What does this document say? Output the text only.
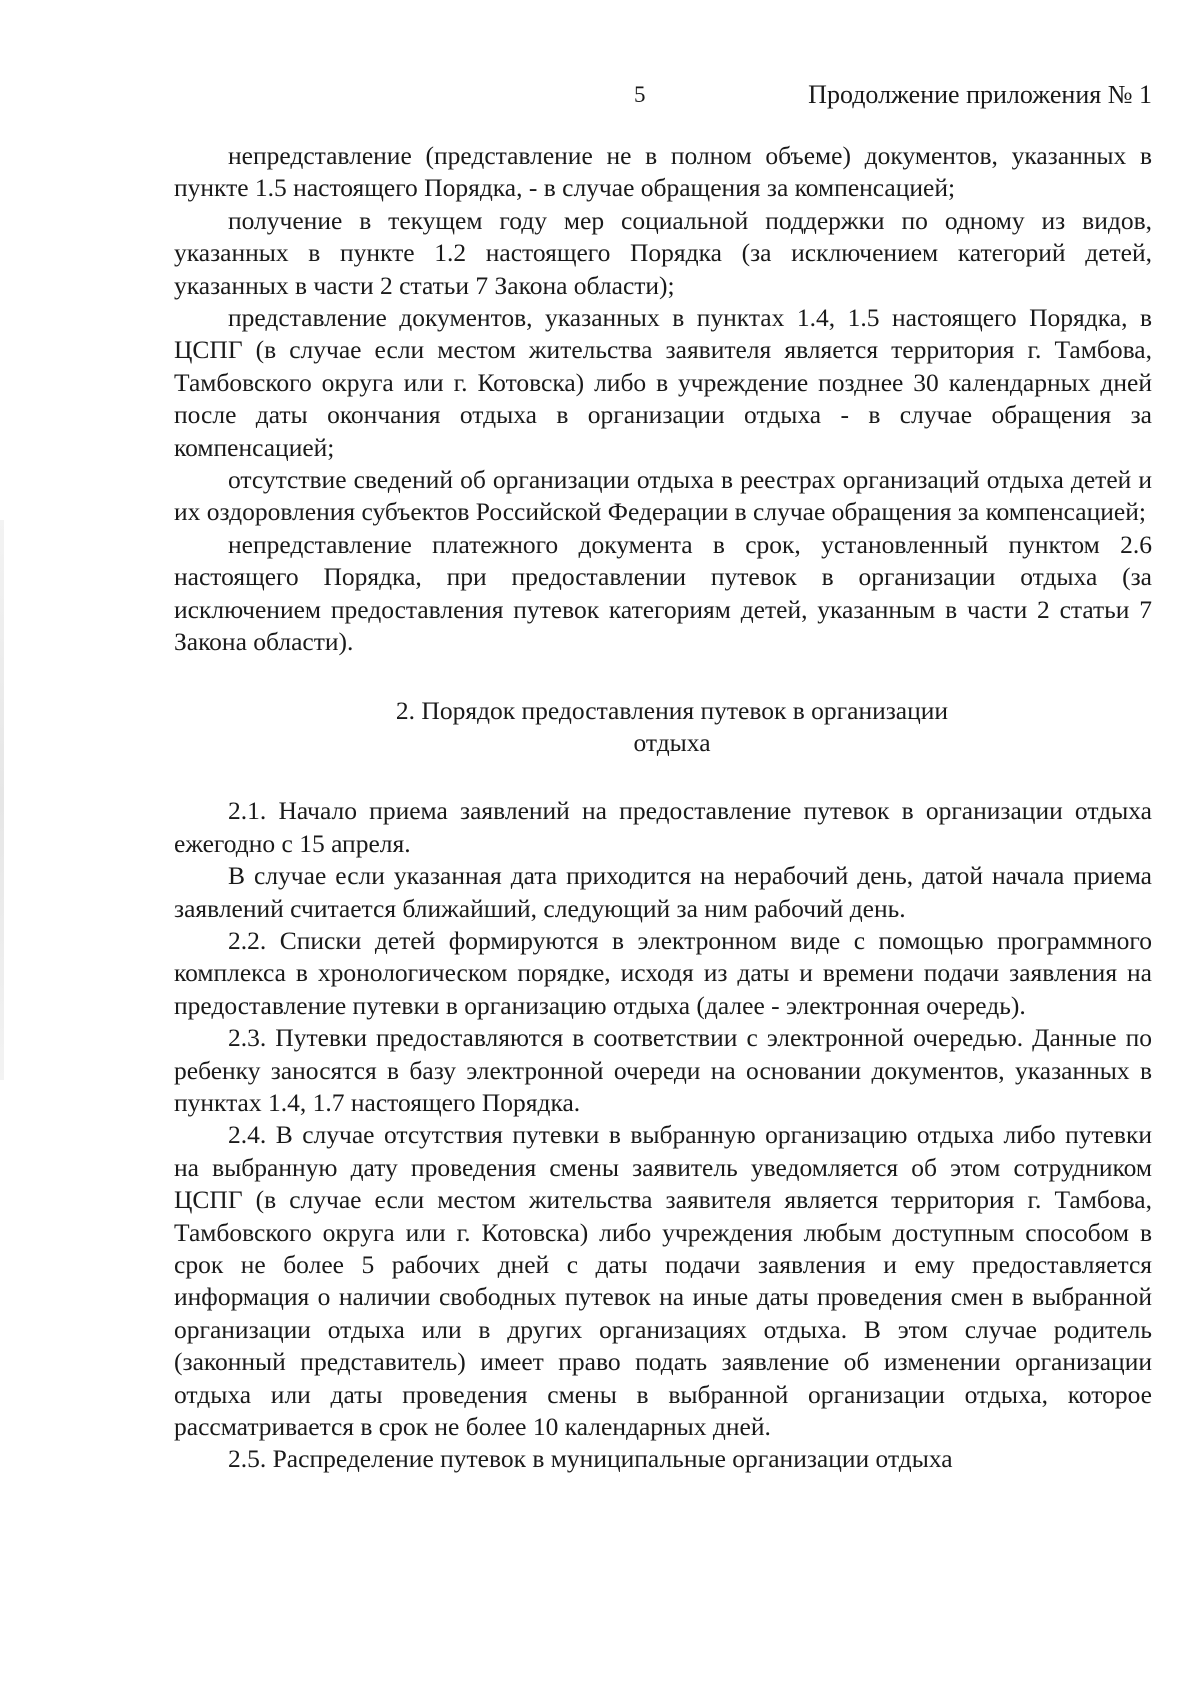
5	Продолжение приложения № 1

непредставление (представление не в полном объеме) документов, указанных в пункте 1.5 настоящего Порядка, - в случае обращения за компенсацией;

получение в текущем году мер социальной поддержки по одному из видов, указанных в пункте 1.2 настоящего Порядка (за исключением категорий детей, указанных в части 2 статьи 7 Закона области);

представление документов, указанных в пунктах 1.4, 1.5 настоящего Порядка, в ЦСПГ (в случае если местом жительства заявителя является территория г. Тамбова, Тамбовского округа или г. Котовска) либо в учреждение позднее 30 календарных дней после даты окончания отдыха в организации отдыха - в случае обращения за компенсацией;

отсутствие сведений об организации отдыха в реестрах организаций отдыха детей и их оздоровления субъектов Российской Федерации в случае обращения за компенсацией;

непредставление платежного документа в срок, установленный пунктом 2.6 настоящего Порядка, при предоставлении путевок в организации отдыха (за исключением предоставления путевок категориям детей, указанным в части 2 статьи 7 Закона области).

2. Порядок предоставления путевок в организации
отдыха

2.1. Начало приема заявлений на предоставление путевок в организации отдыха ежегодно с 15 апреля.

В случае если указанная дата приходится на нерабочий день, датой начала приема заявлений считается ближайший, следующий за ним рабочий день.

2.2. Списки детей формируются в электронном виде с помощью программного комплекса в хронологическом порядке, исходя из даты и времени подачи заявления на предоставление путевки в организацию отдыха (далее - электронная очередь).

2.3. Путевки предоставляются в соответствии с электронной очередью. Данные по ребенку заносятся в базу электронной очереди на основании документов, указанных в пунктах 1.4, 1.7 настоящего Порядка.

2.4. В случае отсутствия путевки в выбранную организацию отдыха либо путевки на выбранную дату проведения смены заявитель уведомляется об этом сотрудником ЦСПГ (в случае если местом жительства заявителя является территория г. Тамбова, Тамбовского округа или г. Котовска) либо учреждения любым доступным способом в срок не более 5 рабочих дней с даты подачи заявления и ему предоставляется информация о наличии свободных путевок на иные даты проведения смен в выбранной организации отдыха или в других организациях отдыха. В этом случае родитель (законный представитель) имеет право подать заявление об изменении организации отдыха или даты проведения смены в выбранной организации отдыха, которое рассматривается в срок не более 10 календарных дней.

2.5. Распределение путевок в муниципальные организации отдыха
